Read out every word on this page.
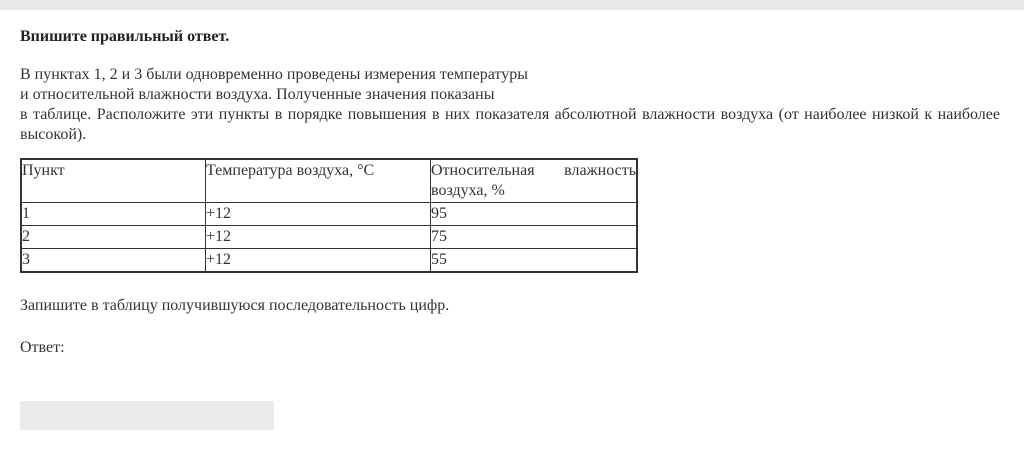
Впишите правильный ответ.

В пунктах 1, 2 и 3 были одновременно проведены измерения температуры

и относительной влажности воздуха. Полученные значения показаны

в таблице. Расположите эти пункты в порядке повышения в них показателя абсолютной влажности воздуха (от наиболее низкой к наиболее высокой).

Пункт	Температура воздуха, °С	Относительная влажность воздуха, %
1	+12	95
2	+12	75
3	+12	55
Запишите в таблицу получившуюся последовательность цифр.
Ответ:
